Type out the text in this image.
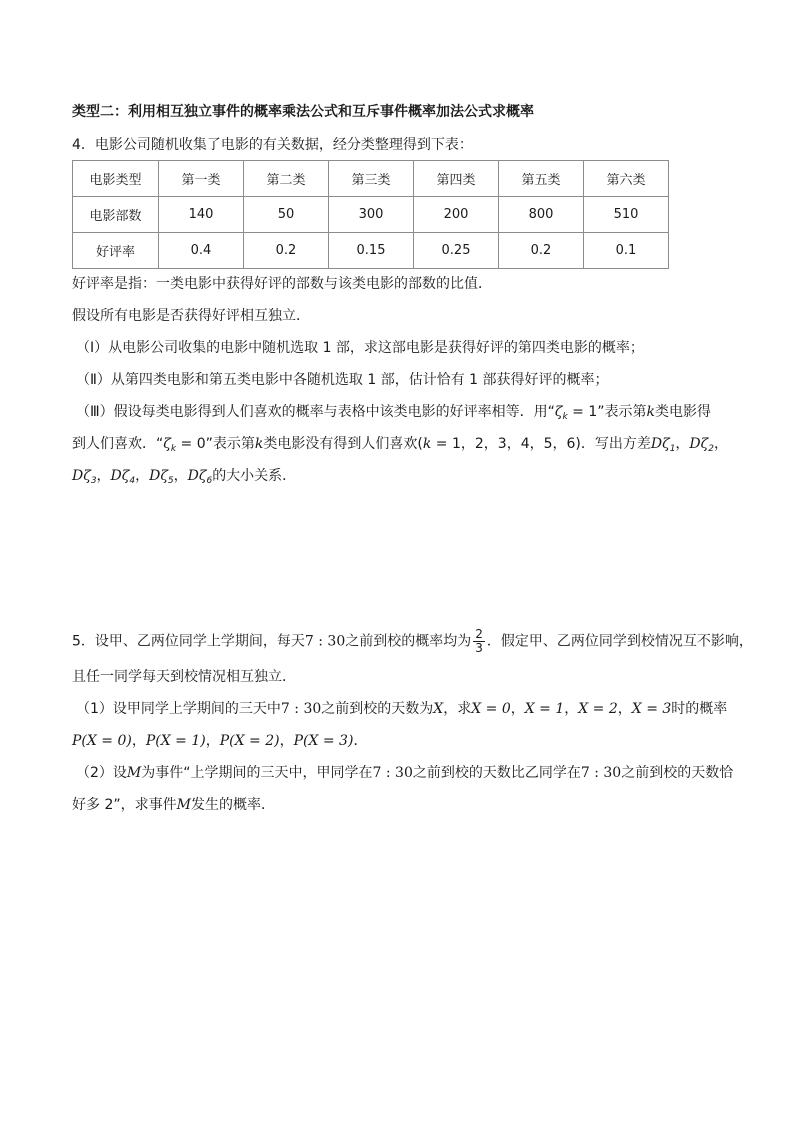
类型二：利用相互独立事件的概率乘法公式和互斥事件概率加法公式求概率
4．电影公司随机收集了电影的有关数据，经分类整理得到下表：
电影类型	第一类	第二类	第三类	第四类	第五类	第六类
电影部数	140	50	300	200	800	510
好评率	0.4	0.2	0.15	0.25	0.2	0.1
好评率是指：一类电影中获得好评的部数与该类电影的部数的比值．
假设所有电影是否获得好评相互独立．
（Ⅰ）从电影公司收集的电影中随机选取 1 部，求这部电影是获得好评的第四类电影的概率；
（Ⅱ）从第四类电影和第五类电影中各随机选取 1 部，估计恰有 1 部获得好评的概率；
（Ⅲ）假设每类电影得到人们喜欢的概率与表格中该类电影的好评率相等．用“$\zeta_k = 1$”表示第k类电影得
到人们喜欢．“$\zeta_k = 0$”表示第k类电影没有得到人们喜欢(k = 1，2，3，4，5，6)．写出方差$D\zeta_1$，$D\zeta_2$，
$D\zeta_3$，$D\zeta_4$，$D\zeta_5$，$D\zeta_6$的大小关系．
5．设甲、乙两位同学上学期间，每天7 : 30之前到校的概率均为 $\frac{2}{3}$ ．假定甲、乙两位同学到校情况互不影响，
且任一同学每天到校情况相互独立．
（1）设甲同学上学期间的三天中7 : 30之前到校的天数为X，求X = 0，X = 1，X = 2，X = 3时的概率
P(X = 0)，P(X = 1)，P(X = 2)，P(X = 3)．
（2）设M为事件“上学期间的三天中，甲同学在7 : 30之前到校的天数比乙同学在7 : 30之前到校的天数恰
好多 2”，求事件M发生的概率．
